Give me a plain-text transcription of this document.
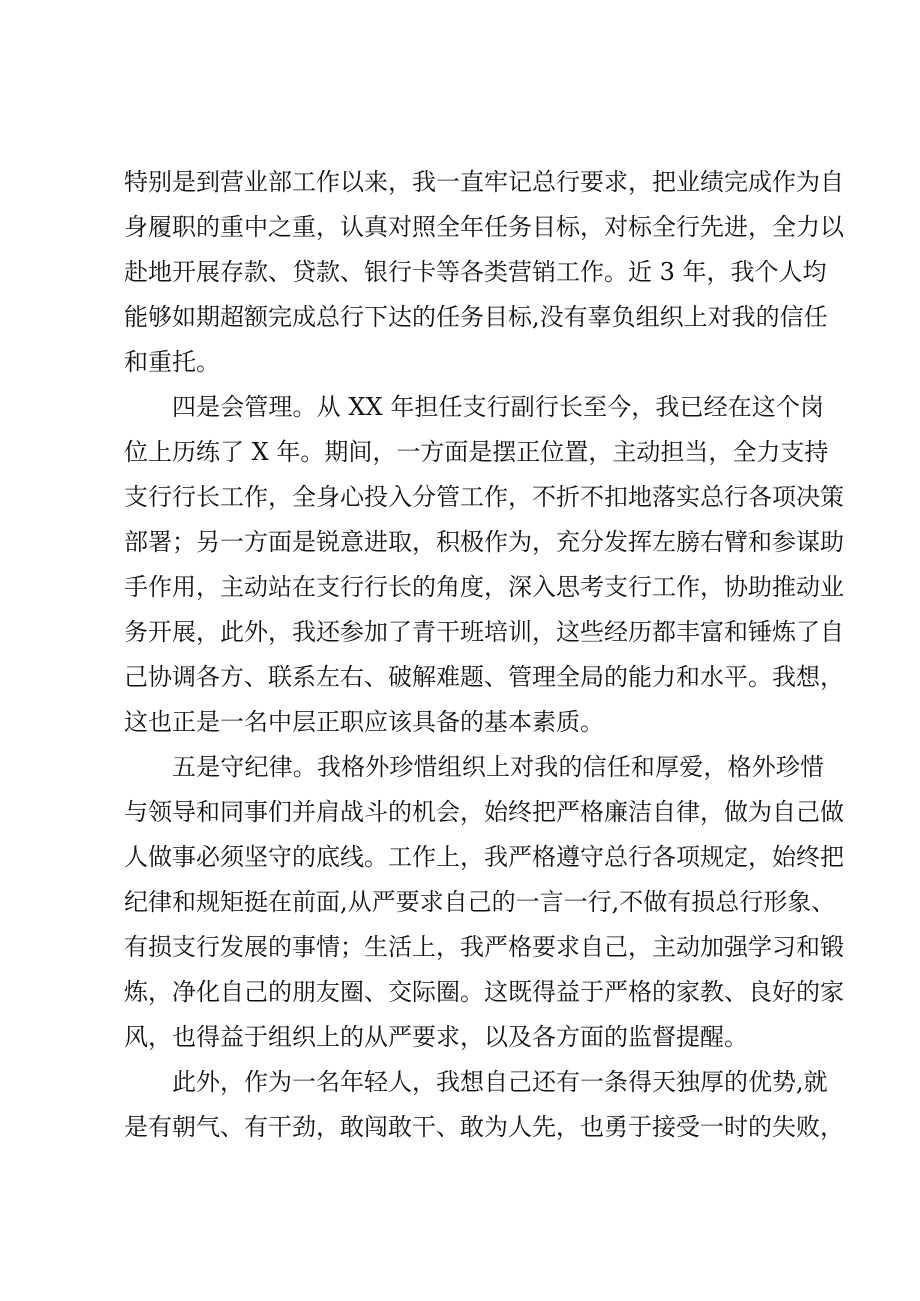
特别是到营业部工作以来，我一直牢记总行要求，把业绩完成作为自
身履职的重中之重，认真对照全年任务目标，对标全行先进，全力以
赴地开展存款、贷款、银行卡等各类营销工作。近 3 年，我个人均
能够如期超额完成总行下达的任务目标,没有辜负组织上对我的信任
和重托。
四是会管理。从 XX 年担任支行副行长至今，我已经在这个岗
位上历练了 X 年。期间，一方面是摆正位置，主动担当，全力支持
支行行长工作，全身心投入分管工作，不折不扣地落实总行各项决策
部署；另一方面是锐意进取，积极作为，充分发挥左膀右臂和参谋助
手作用，主动站在支行行长的角度，深入思考支行工作，协助推动业
务开展，此外，我还参加了青干班培训，这些经历都丰富和锤炼了自
己协调各方、联系左右、破解难题、管理全局的能力和水平。我想，
这也正是一名中层正职应该具备的基本素质。
五是守纪律。我格外珍惜组织上对我的信任和厚爱，格外珍惜
与领导和同事们并肩战斗的机会，始终把严格廉洁自律，做为自己做
人做事必须坚守的底线。工作上，我严格遵守总行各项规定，始终把
纪律和规矩挺在前面,从严要求自己的一言一行,不做有损总行形象、
有损支行发展的事情；生活上，我严格要求自己，主动加强学习和锻
炼，净化自己的朋友圈、交际圈。这既得益于严格的家教、良好的家
风，也得益于组织上的从严要求，以及各方面的监督提醒。
此外，作为一名年轻人，我想自己还有一条得天独厚的优势,就
是有朝气、有干劲，敢闯敢干、敢为人先，也勇于接受一时的失败，
